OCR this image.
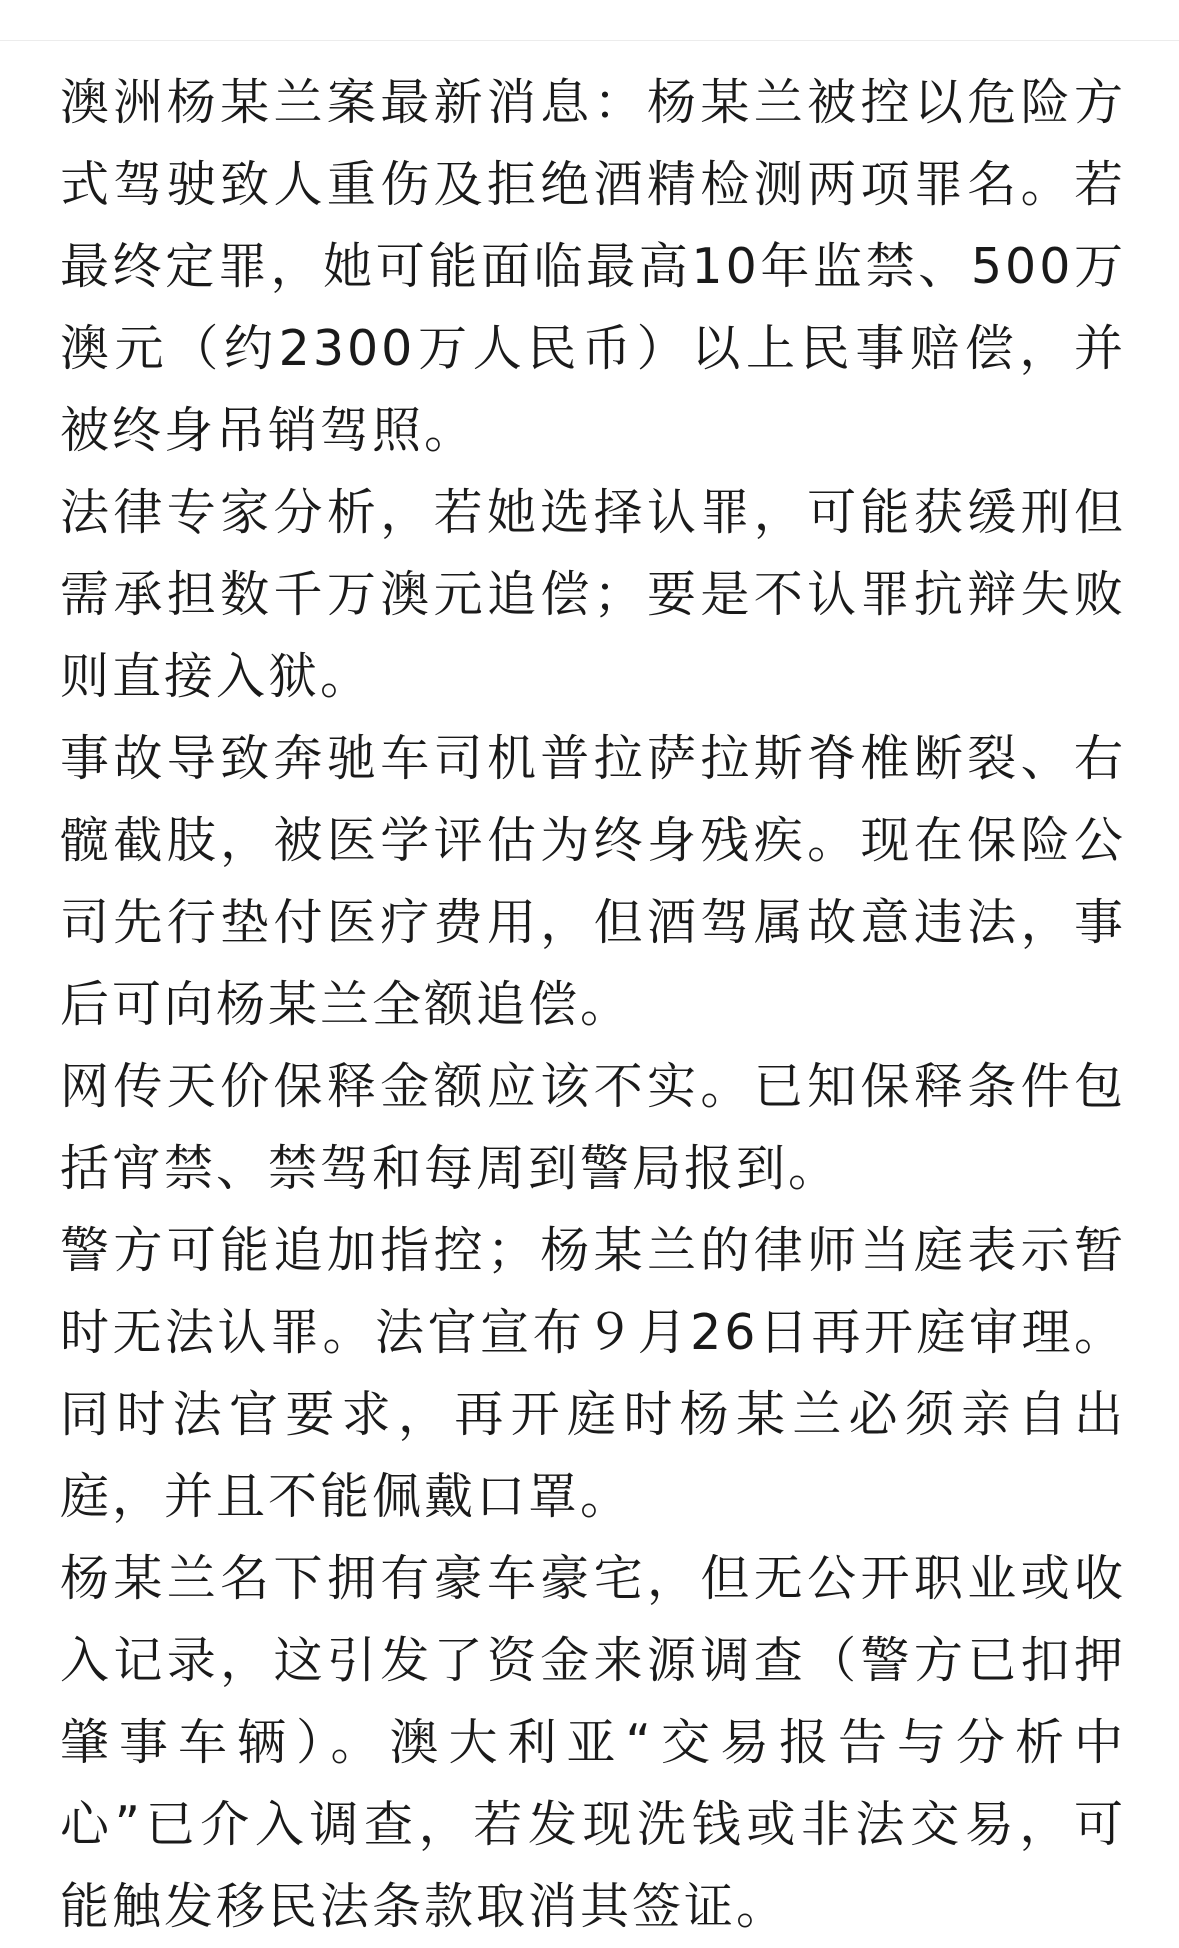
澳洲杨某兰案最新消息：杨某兰被控以危险方式驾驶致人重伤及拒绝酒精检测两项罪名。若最终定罪，她可能面临最高10年监禁、500万澳元（约2300万人民币）以上民事赔偿，并被终身吊销驾照。

法律专家分析，若她选择认罪，可能获缓刑但需承担数千万澳元追偿；要是不认罪抗辩失败则直接入狱。

事故导致奔驰车司机普拉萨拉斯脊椎断裂、右髋截肢，被医学评估为终身残疾。现在保险公司先行垫付医疗费用，但酒驾属故意违法，事后可向杨某兰全额追偿。

网传天价保释金额应该不实。已知保释条件包括宵禁、禁驾和每周到警局报到。

警方可能追加指控；杨某兰的律师当庭表示暂时无法认罪。法官宣布９月26日再开庭审理。同时法官要求，再开庭时杨某兰必须亲自出庭，并且不能佩戴口罩。

杨某兰名下拥有豪车豪宅，但无公开职业或收入记录，这引发了资金来源调查（警方已扣押肇事车辆）。澳大利亚“交易报告与分析中心”已介入调查，若发现洗钱或非法交易，可能触发移民法条款取消其签证。
